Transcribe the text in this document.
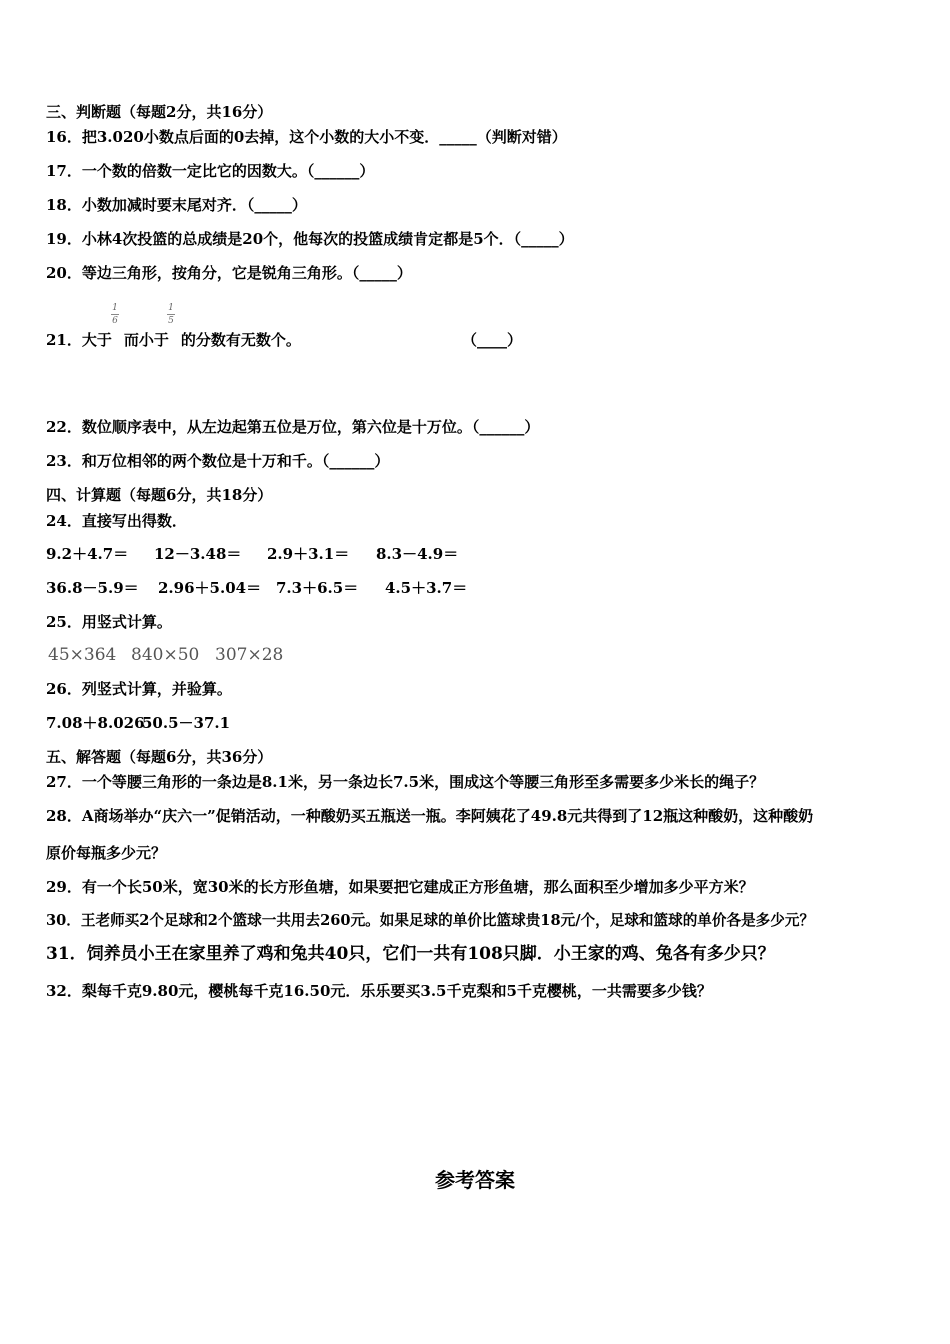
三、判断题（每题2分，共16分）
16．把3.020小数点后面的0去掉，这个小数的大小不变．_____（判断对错）
17．一个数的倍数一定比它的因数大。（______）
18．小数加减时要末尾对齐．（_____）
19．小林4次投篮的总成绩是20个，他每次的投篮成绩肯定都是5个．（_____）
20．等边三角形，按角分，它是锐角三角形。（_____）
21．大于 而小于 的分数有无数个。
1
6
1
5
（____）
22．数位顺序表中，从左边起第五位是万位，第六位是十万位。（______）
23．和万位相邻的两个数位是十万和千。（______）
四、计算题（每题6分，共18分）
24．直接写出得数．
9.2＋4.7＝ 12－3.48＝ 2.9＋3.1＝ 8.3－4.9＝
36.8－5.9＝ 2.96＋5.04＝ 7.3＋6.5＝ 4.5＋3.7＝
25．用竖式计算。
45×364 840×50 307×28
26．列竖式计算，并验算。
7.08＋8.02650.5－37.1
五、解答题（每题6分，共36分）
27．一个等腰三角形的一条边是8.1米，另一条边长7.5米，围成这个等腰三角形至多需要多少米长的绳子？
28．A商场举办“庆六一”促销活动，一种酸奶买五瓶送一瓶。李阿姨花了49.8元共得到了12瓶这种酸奶，这种酸奶
原价每瓶多少元？
29．有一个长50米，宽30米的长方形鱼塘，如果要把它建成正方形鱼塘，那么面积至少增加多少平方米？
30．王老师买2个足球和2个篮球一共用去260元。如果足球的单价比篮球贵18元/个，足球和篮球的单价各是多少元？
31．饲养员小王在家里养了鸡和兔共40只，它们一共有108只脚．小王家的鸡、兔各有多少只？
32．梨每千克9.80元，樱桃每千克16.50元．乐乐要买3.5千克梨和5千克樱桃，一共需要多少钱？
参考答案
